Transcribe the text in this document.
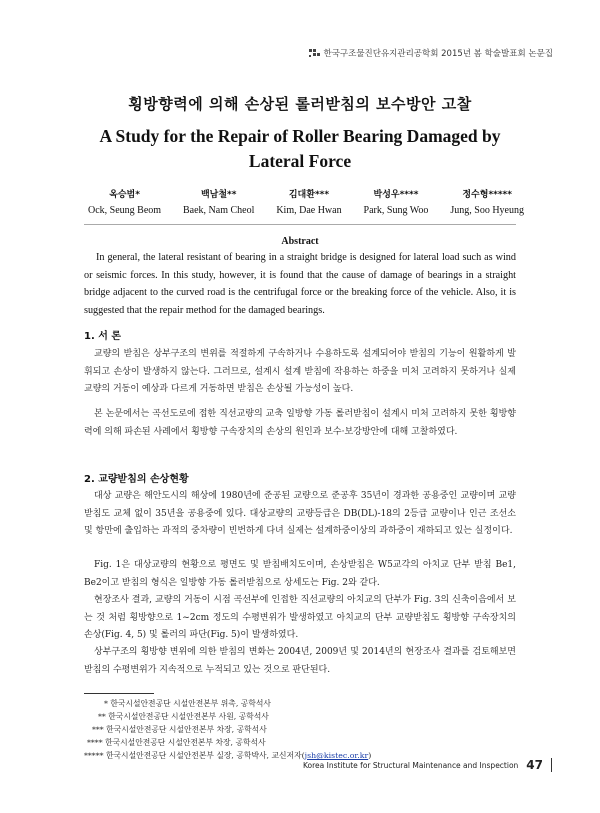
한국구조물진단유지관리공학회 2015년 봄 학술발표회 논문집
횡방향력에 의해 손상된 롤러받침의 보수방안 고찰
A Study for the Repair of Roller Bearing Damaged by Lateral Force
옥승범*
Ock, Seung Beom
백남철**
Baek, Nam Cheol
김대환***
Kim, Dae Hwan
박성우****
Park, Sung Woo
정수형*****
Jung, Soo Hyeung
Abstract

In general, the lateral resistant of bearing in a straight bridge is designed for lateral load such as wind or seismic forces. In this study, however, it is found that the cause of damage of bearings in a straight bridge adjacent to the curved road is the centrifugal force or the breaking force of the vehicle. Also, it is suggested that the repair method for the damaged bearings.

1. 서 론

교량의 받침은 상부구조의 변위를 적절하게 구속하거나 수용하도록 설계되어야 받침의 기능이 원활하게 발휘되고 손상이 발생하지 않는다. 그러므로, 설계시 설계 받침에 작용하는 하중을 미처 고려하지 못하거나 실제 교량의 거동이 예상과 다르게 거동하면 받침은 손상될 가능성이 높다.

본 논문에서는 곡선도로에 접한 직선교량의 교축 일방향 가동 롤러받침이 설계시 미처 고려하지 못한 횡방향력에 의해 파손된 사례에서 횡방향 구속장치의 손상의 원인과 보수·보강방안에 대해 고찰하였다.

2. 교량받침의 손상현황

대상 교량은 해안도시의 해상에 1980년에 준공된 교량으로 준공후 35년이 경과한 공용중인 교량이며 교량받침도 교체 없이 35년을 공용중에 있다. 대상교량의 교량등급은 DB(DL)-18의 2등급 교량이나 인근 조선소 및 항만에 출입하는 과적의 중차량이 빈번하게 다녀 실제는 설계하중이상의 과하중이 재하되고 있는 실정이다.

Fig. 1은 대상교량의 현황으로 평면도 및 받침배치도이며, 손상받침은 W5교각의 아치교 단부 받침 Be1, Be2이고 받침의 형식은 일방향 가동 롤러받침으로 상세도는 Fig. 2와 같다.

현장조사 결과, 교량의 거동이 시점 곡선부에 인접한 직선교량의 아치교의 단부가 Fig. 3의 신축이음에서 보는 것 처럼 횡방향으로 1~2cm 정도의 수평변위가 발생하였고 아치교의 단부 교량받침도 횡방향 구속장치의 손상(Fig. 4, 5) 및 롤러의 파단(Fig. 5)이 발생하였다.

상부구조의 횡방향 변위에 의한 받침의 변화는 2004년, 2009년 및 2014년의 현장조사 결과를 검토해보면 받침의 수평변위가 지속적으로 누적되고 있는 것으로 판단된다.

* 한국시설안전공단 시설안전본부 위촉, 공학석사
** 한국시설안전공단 시설안전본부 사원, 공학석사
*** 한국시설안전공단 시설안전본부 차장, 공학석사
**** 한국시설안전공단 시설안전본부 차장, 공학석사
***** 한국시설안전공단 시설안전본부 실장, 공학박사, 교신저자(jsh@kistec.or.kr)
Korea Institute for Structural Maintenance and Inspection 47
